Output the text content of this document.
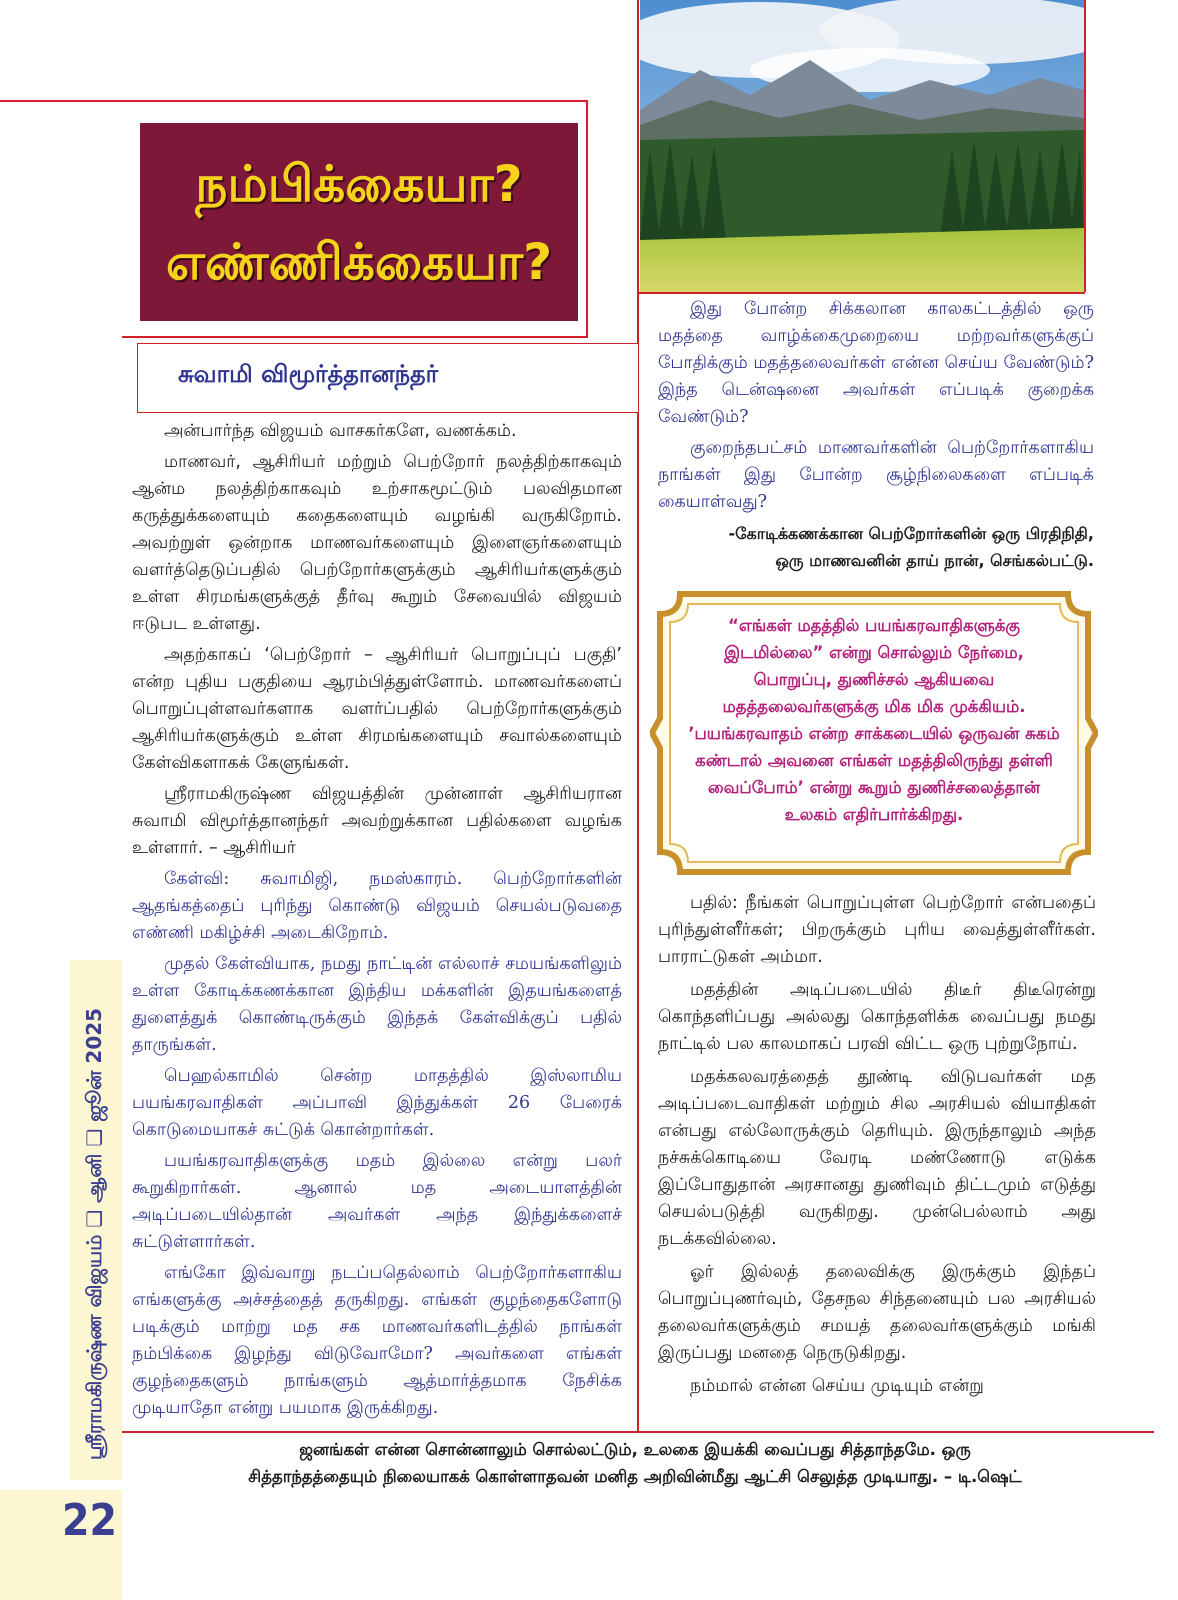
ஸ்ரீராமகிருஷ்ண விஜயம் ❏ ஆனி ❏ ஜூன் 2025
22
நம்பிக்கையா?
எண்ணிக்கையா?
சுவாமி விமூர்த்தானந்தர்

அன்பார்ந்த விஜயம் வாசகர்களே, வணக்கம்.

மாணவர், ஆசிரியர் மற்றும் பெற்றோர் நலத்திற்காகவும் ஆன்ம நலத்திற்காகவும் உற்சாகமூட்டும் பலவிதமான கருத்துக்களையும் கதைகளையும் வழங்கி வருகிறோம். அவற்றுள் ஒன்றாக மாணவர்களையும் இளைஞர்களையும் வளர்த்தெடுப்பதில் பெற்றோர்களுக்கும் ஆசிரியர்களுக்கும் உள்ள சிரமங்களுக்குத் தீர்வு கூறும் சேவையில் விஜயம் ஈடுபட உள்ளது.

அதற்காகப் ‘பெற்றோர் – ஆசிரியர் பொறுப்புப் பகுதி’ என்ற புதிய பகுதியை ஆரம்பித்துள்ளோம். மாணவர்களைப் பொறுப்புள்ளவர்களாக வளர்ப்பதில் பெற்றோர்களுக்கும் ஆசிரியர்களுக்கும் உள்ள சிரமங்களையும் சவால்களையும் கேள்விகளாகக் கேளுங்கள்.

ஸ்ரீராமகிருஷ்ண விஜயத்தின் முன்னாள் ஆசிரியரான சுவாமி விமூர்த்தானந்தர் அவற்றுக்கான பதில்களை வழங்க உள்ளார். – ஆசிரியர்

கேள்வி: சுவாமிஜி, நமஸ்காரம். பெற்றோர்களின் ஆதங்கத்தைப் புரிந்து கொண்டு விஜயம் செயல்படுவதை எண்ணி மகிழ்ச்சி அடைகிறோம்.

முதல் கேள்வியாக, நமது நாட்டின் எல்லாச் சமயங்களிலும் உள்ள கோடிக்கணக்கான இந்திய மக்களின் இதயங்களைத் துளைத்துக் கொண்டிருக்கும் இந்தக் கேள்விக்குப் பதில் தாருங்கள்.

பெஹல்காமில் சென்ற மாதத்தில் இஸ்லாமிய பயங்கரவாதிகள் அப்பாவி இந்துக்கள் 26 பேரைக் கொடுமையாகச் சுட்டுக் கொன்றார்கள்.

பயங்கரவாதிகளுக்கு மதம் இல்லை என்று பலர் கூறுகிறார்கள். ஆனால் மத அடையாளத்தின் அடிப்படையில்தான் அவர்கள் அந்த இந்துக்களைச் சுட்டுள்ளார்கள்.

எங்கோ இவ்வாறு நடப்பதெல்லாம் பெற்றோர்களாகிய எங்களுக்கு அச்சத்தைத் தருகிறது. எங்கள் குழந்தைகளோடு படிக்கும் மாற்று மத சக மாணவர்களிடத்தில் நாங்கள் நம்பிக்கை இழந்து விடுவோமோ? அவர்களை எங்கள் குழந்தைகளும் நாங்களும் ஆத்மார்த்தமாக நேசிக்க முடியாதோ என்று பயமாக இருக்கிறது.

இது போன்ற சிக்கலான காலகட்டத்தில் ஒரு மதத்தை வாழ்க்கைமுறையை மற்றவர்களுக்குப் போதிக்கும் மதத்தலைவர்கள் என்ன செய்ய வேண்டும்? இந்த டென்ஷனை அவர்கள் எப்படிக் குறைக்க வேண்டும்?

குறைந்தபட்சம் மாணவர்களின் பெற்றோர்களாகிய நாங்கள் இது போன்ற சூழ்நிலைகளை எப்படிக் கையாள்வது?

-கோடிக்கணக்கான பெற்றோர்களின் ஒரு பிரதிநிதி,
ஒரு மாணவனின் தாய் நான், செங்கல்பட்டு.
“எங்கள் மதத்தில் பயங்கரவாதிகளுக்கு இடமில்லை” என்று சொல்லும் நேர்மை, பொறுப்பு, துணிச்சல் ஆகியவை மதத்தலைவர்களுக்கு மிக மிக முக்கியம். ’பயங்கரவாதம் என்ற சாக்கடையில் ஒருவன் சுகம் கண்டால் அவனை எங்கள் மதத்திலிருந்து தள்ளி வைப்போம்’ என்று கூறும் துணிச்சலைத்தான் உலகம் எதிர்பார்க்கிறது.

பதில்: நீங்கள் பொறுப்புள்ள பெற்றோர் என்பதைப் புரிந்துள்ளீர்கள்; பிறருக்கும் புரிய வைத்துள்ளீர்கள். பாராட்டுகள் அம்மா.

மதத்தின் அடிப்படையில் திடீர் திடீரென்று கொந்தளிப்பது அல்லது கொந்தளிக்க வைப்பது நமது நாட்டில் பல காலமாகப் பரவி விட்ட ஒரு புற்றுநோய்.

மதக்கலவரத்தைத் தூண்டி விடுபவர்கள் மத அடிப்படைவாதிகள் மற்றும் சில அரசியல் வியாதிகள் என்பது எல்லோருக்கும் தெரியும். இருந்தாலும் அந்த நச்சுக்கொடியை வேரடி மண்ணோடு எடுக்க இப்போதுதான் அரசானது துணிவும் திட்டமும் எடுத்து செயல்படுத்தி வருகிறது. முன்பெல்லாம் அது நடக்கவில்லை.

ஓர் இல்லத் தலைவிக்கு இருக்கும் இந்தப் பொறுப்புணர்வும், தேசநல சிந்தனையும் பல அரசியல் தலைவர்களுக்கும் சமயத் தலைவர்களுக்கும் மங்கி இருப்பது மனதை நெருடுகிறது.

நம்மால் என்ன செய்ய முடியும் என்று

ஜனங்கள் என்ன சொன்னாலும் சொல்லட்டும், உலகை இயக்கி வைப்பது சித்தாந்தமே. ஒரு
சித்தாந்தத்தையும் நிலையாகக் கொள்ளாதவன் மனித அறிவின்மீது ஆட்சி செலுத்த முடியாது. – டி.ஷெட்
